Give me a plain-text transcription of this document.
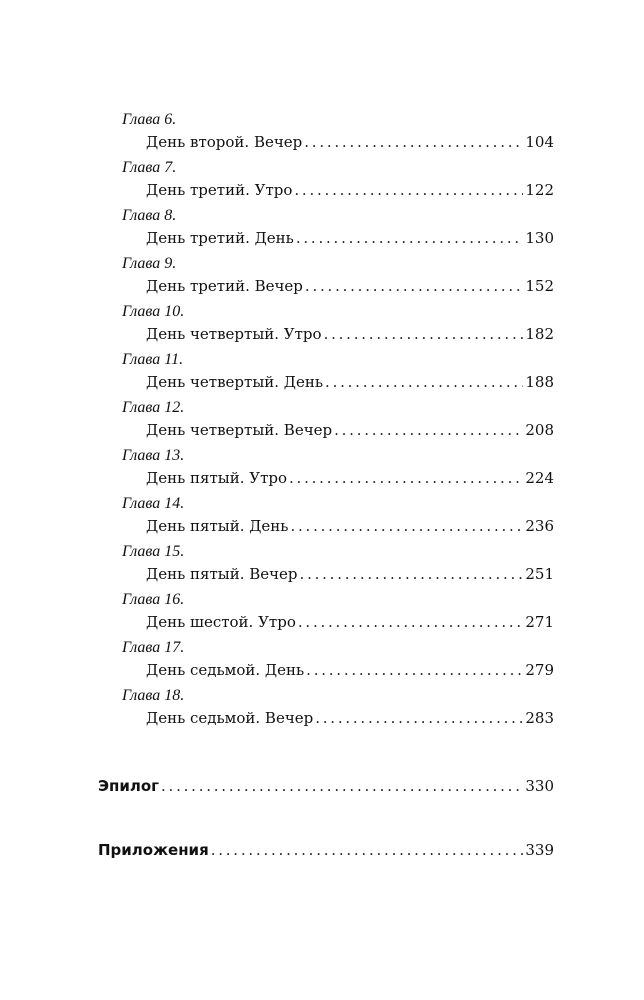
Глава 6.
День второй. Вечер . . .	104
Глава 7.
День третий. Утро . . .	122
Глава 8.
День третий. День . . .	130
Глава 9.
День третий. Вечер . . .	152
Глава 10.
День четвертый. Утро . . .	182
Глава 11.
День четвертый. День . . .	188
Глава 12.
День четвертый. Вечер . . .	208
Глава 13.
День пятый. Утро . . .	224
Глава 14.
День пятый. День . . .	236
Глава 15.
День пятый. Вечер . . .	251
Глава 16.
День шестой. Утро . . .	271
Глава 17.
День седьмой. День . . .	279
Глава 18.
День седьмой. Вечер . . .	283
Эпилог . . .	330
Приложения . . .	339
